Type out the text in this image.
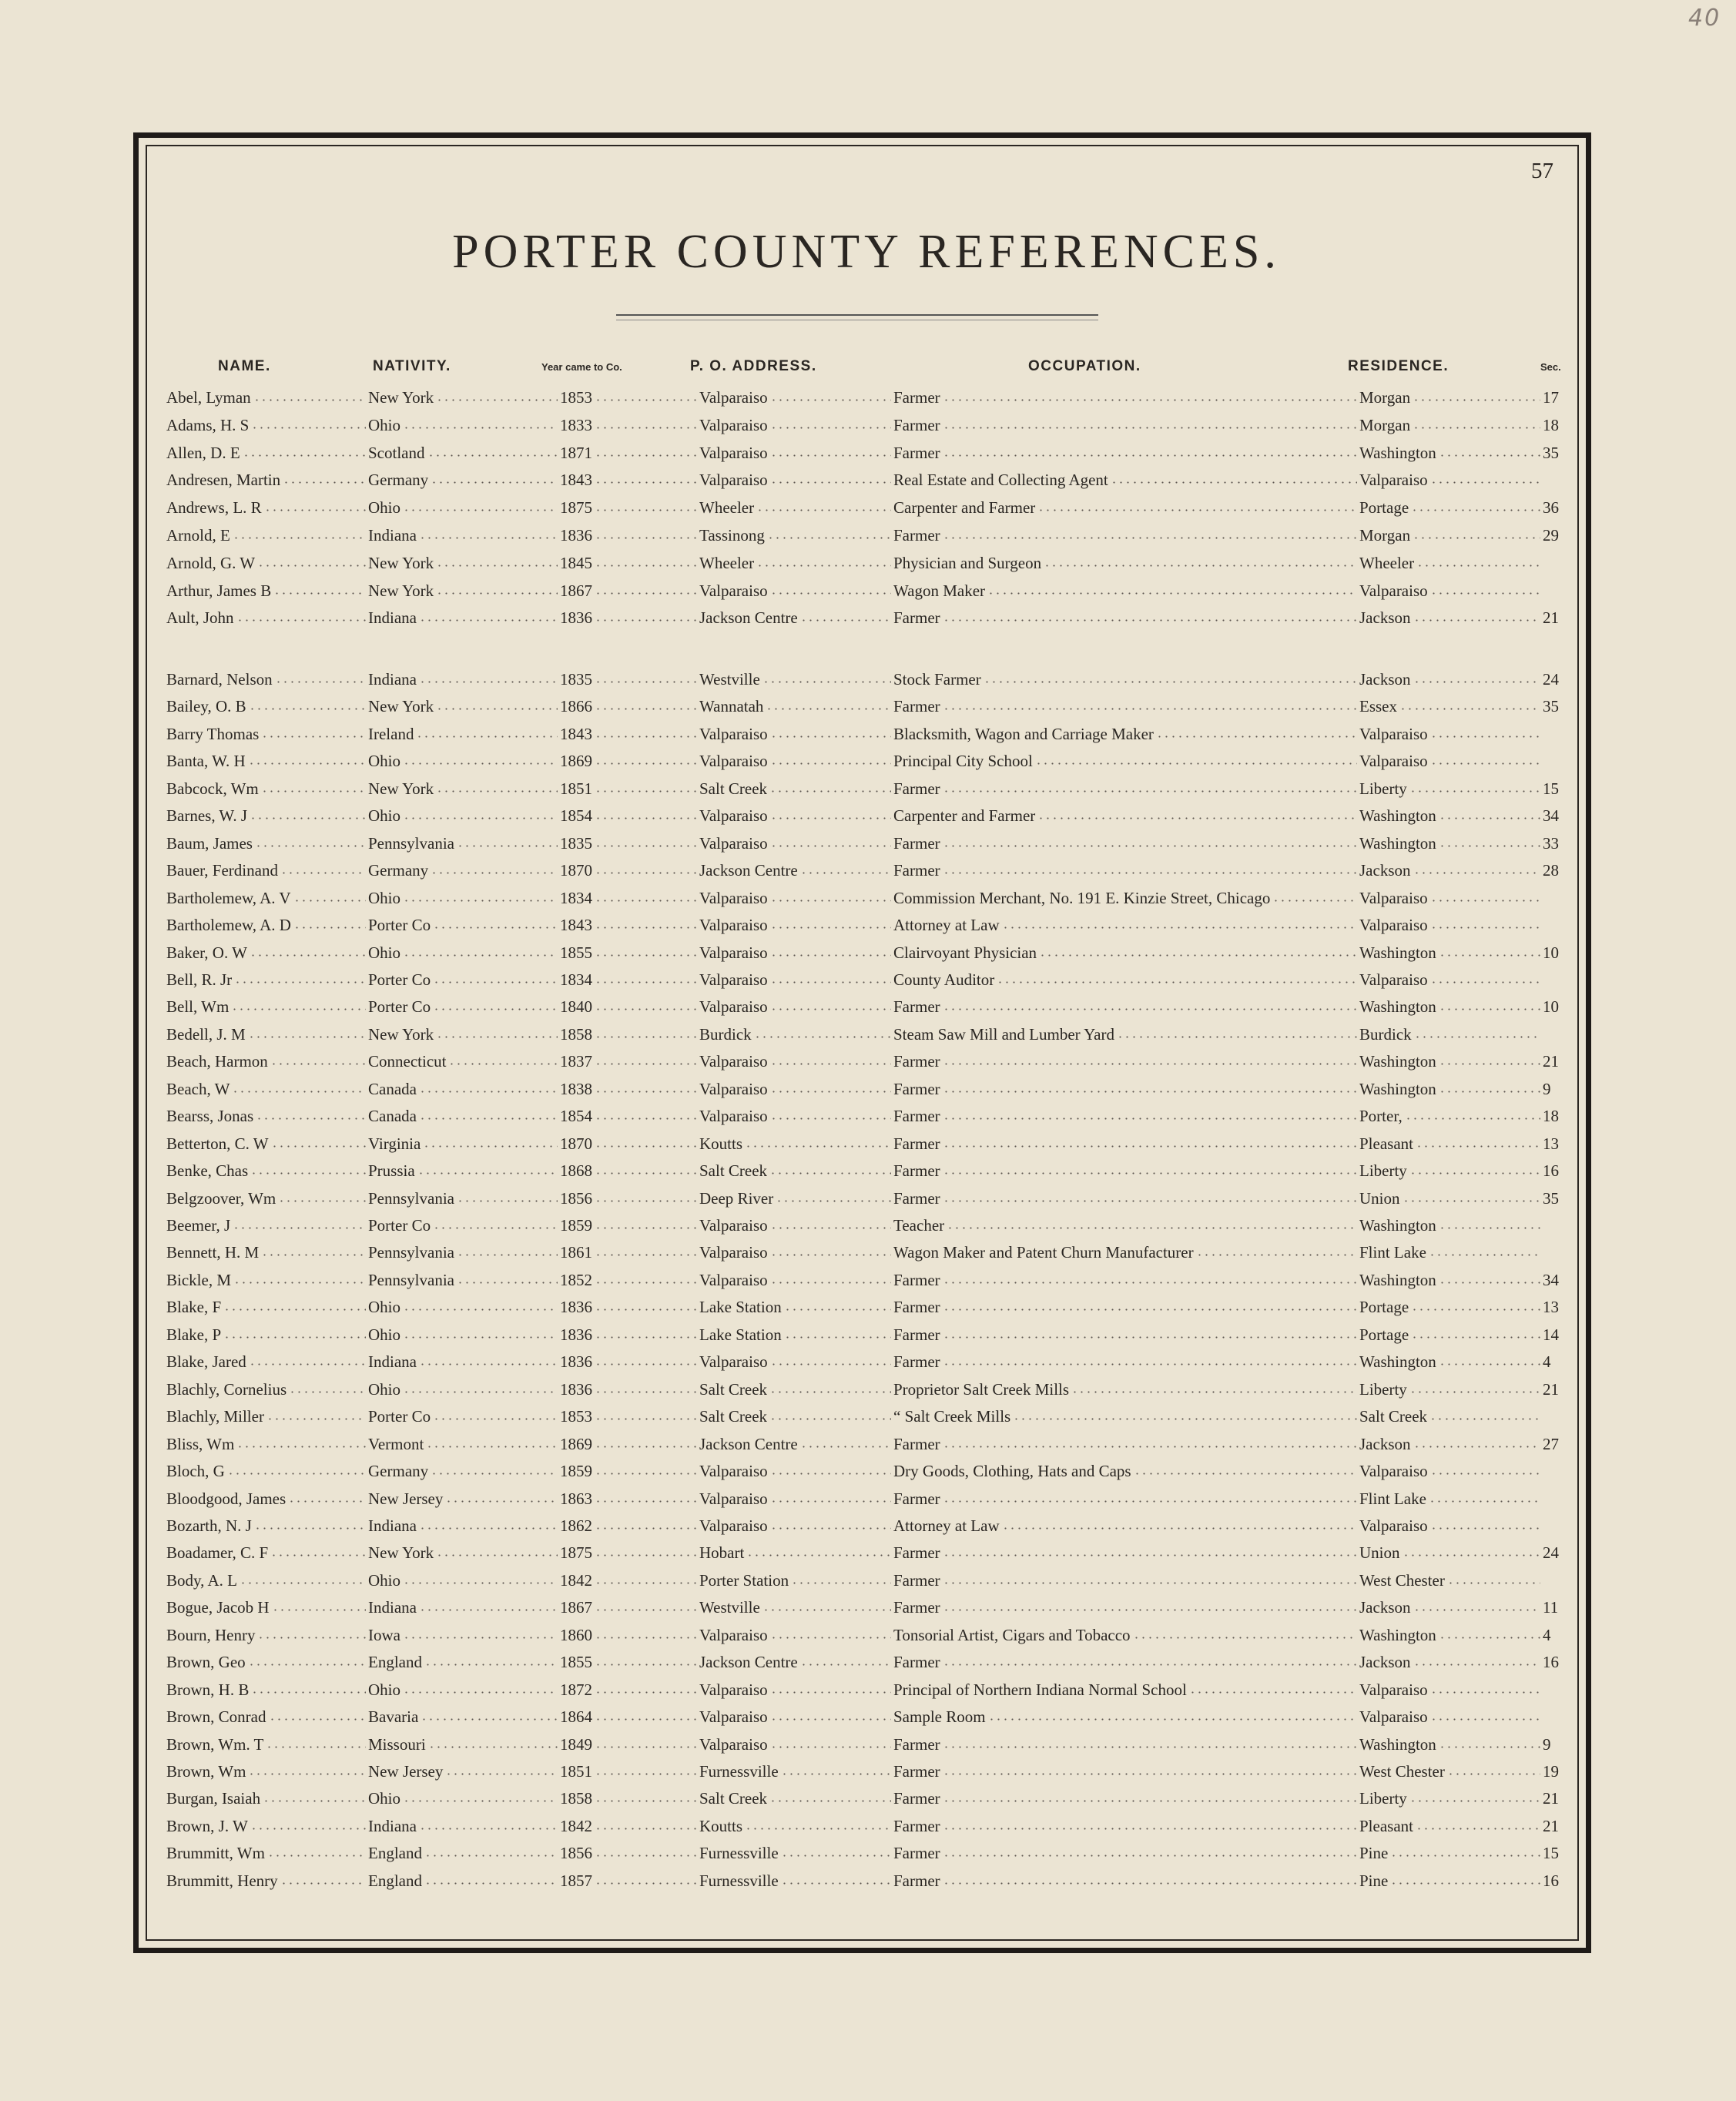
40
57
PORTER COUNTY REFERENCES.
NAME.	NATIVITY.	Year came to Co.	P. O. ADDRESS.	OCCUPATION.	RESIDENCE.	Sec.
Abel, Lyman	New York	1853	Valparaiso	Farmer	Morgan	17
Adams, H. S	Ohio	1833	Valparaiso	Farmer	Morgan	18
Allen, D. E	Scotland	1871	Valparaiso	Farmer	Washington	35
Andresen, Martin	Germany	1843	Valparaiso	Real Estate and Collecting Agent	Valparaiso
Andrews, L. R	Ohio	1875	Wheeler	Carpenter and Farmer	Portage	36
Arnold, E	Indiana	1836	Tassinong	Farmer	Morgan	29
Arnold, G. W	New York	1845	Wheeler	Physician and Surgeon	Wheeler
Arthur, James B	New York	1867	Valparaiso	Wagon Maker	Valparaiso
Ault, John	Indiana	1836	Jackson Centre	Farmer	Jackson	21
Barnard, Nelson	Indiana	1835	Westville	Stock Farmer	Jackson	24
Bailey, O. B	New York	1866	Wannatah	Farmer	Essex	35
Barry Thomas	Ireland	1843	Valparaiso	Blacksmith, Wagon and Carriage Maker	Valparaiso
Banta, W. H	Ohio	1869	Valparaiso	Principal City School	Valparaiso
Babcock, Wm	New York	1851	Salt Creek	Farmer	Liberty	15
Barnes, W. J	Ohio	1854	Valparaiso	Carpenter and Farmer	Washington	34
Baum, James	Pennsylvania	1835	Valparaiso	Farmer	Washington	33
Bauer, Ferdinand	Germany	1870	Jackson Centre	Farmer	Jackson	28
Bartholemew, A. V	Ohio	1834	Valparaiso	Commission Merchant, No. 191 E. Kinzie Street, Chicago	Valparaiso
Bartholemew, A. D	Porter Co	1843	Valparaiso	Attorney at Law	Valparaiso
Baker, O. W	Ohio	1855	Valparaiso	Clairvoyant Physician	Washington	10
Bell, R. Jr	Porter Co	1834	Valparaiso	County Auditor	Valparaiso
Bell, Wm	Porter Co	1840	Valparaiso	Farmer	Washington	10
Bedell, J. M	New York	1858	Burdick	Steam Saw Mill and Lumber Yard	Burdick
Beach, Harmon	Connecticut	1837	Valparaiso	Farmer	Washington	21
Beach, W	Canada	1838	Valparaiso	Farmer	Washington	9
Bearss, Jonas	Canada	1854	Valparaiso	Farmer	Porter,	18
Betterton, C. W	Virginia	1870	Koutts	Farmer	Pleasant	13
Benke, Chas	Prussia	1868	Salt Creek	Farmer	Liberty	16
Belgzoover, Wm	Pennsylvania	1856	Deep River	Farmer	Union	35
Beemer, J	Porter Co	1859	Valparaiso	Teacher	Washington
Bennett, H. M	Pennsylvania	1861	Valparaiso	Wagon Maker and Patent Churn Manufacturer	Flint Lake
Bickle, M	Pennsylvania	1852	Valparaiso	Farmer	Washington	34
Blake, F	Ohio	1836	Lake Station	Farmer	Portage	13
Blake, P	Ohio	1836	Lake Station	Farmer	Portage	14
Blake, Jared	Indiana	1836	Valparaiso	Farmer	Washington	4
Blachly, Cornelius	Ohio	1836	Salt Creek	Proprietor Salt Creek Mills	Liberty	21
Blachly, Miller	Porter Co	1853	Salt Creek	“ Salt Creek Mills	Salt Creek
Bliss, Wm	Vermont	1869	Jackson Centre	Farmer	Jackson	27
Bloch, G	Germany	1859	Valparaiso	Dry Goods, Clothing, Hats and Caps	Valparaiso
Bloodgood, James	New Jersey	1863	Valparaiso	Farmer	Flint Lake
Bozarth, N. J	Indiana	1862	Valparaiso	Attorney at Law	Valparaiso
Boadamer, C. F	New York	1875	Hobart	Farmer	Union	24
Body, A. L	Ohio	1842	Porter Station	Farmer	West Chester
Bogue, Jacob H	Indiana	1867	Westville	Farmer	Jackson	11
Bourn, Henry	Iowa	1860	Valparaiso	Tonsorial Artist, Cigars and Tobacco	Washington	4
Brown, Geo	England	1855	Jackson Centre	Farmer	Jackson	16
Brown, H. B	Ohio	1872	Valparaiso	Principal of Northern Indiana Normal School	Valparaiso
Brown, Conrad	Bavaria	1864	Valparaiso	Sample Room	Valparaiso
Brown, Wm. T	Missouri	1849	Valparaiso	Farmer	Washington	9
Brown, Wm	New Jersey	1851	Furnessville	Farmer	West Chester	19
Burgan, Isaiah	Ohio	1858	Salt Creek	Farmer	Liberty	21
Brown, J. W	Indiana	1842	Koutts	Farmer	Pleasant	21
Brummitt, Wm	England	1856	Furnessville	Farmer	Pine	15
Brummitt, Henry	England	1857	Furnessville	Farmer	Pine	16
